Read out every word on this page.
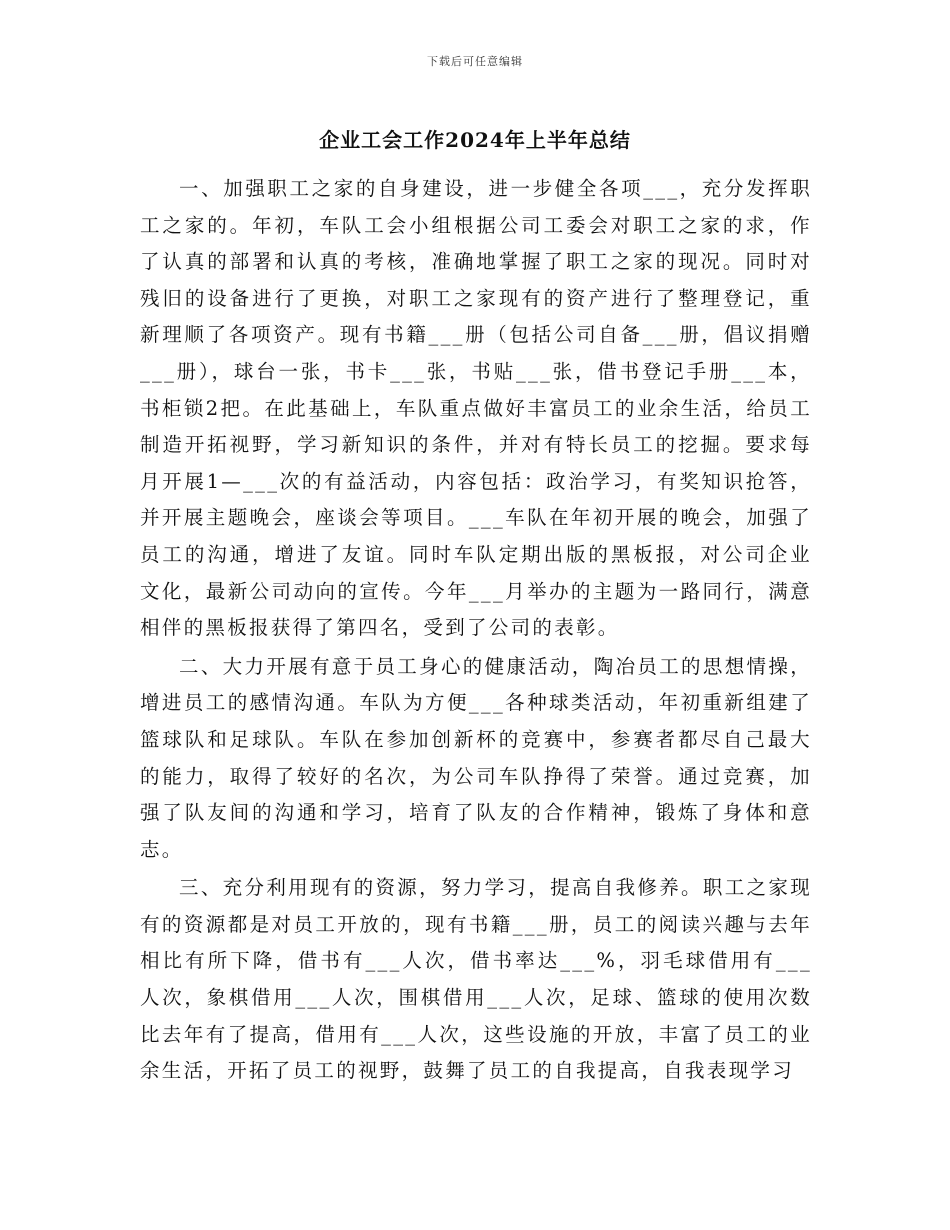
下载后可任意编辑
企业工会工作2024年上半年总结

一、加强职工之家的自身建设，进一步健全各项___，充分发挥职工之家的。年初，车队工会小组根据公司工委会对职工之家的求，作了认真的部署和认真的考核，准确地掌握了职工之家的现况。同时对残旧的设备进行了更换，对职工之家现有的资产进行了整理登记，重新理顺了各项资产。现有书籍___册（包括公司自备___册，倡议捐赠___册），球台一张，书卡___张，书贴___张，借书登记手册___本，书柜锁2把。在此基础上，车队重点做好丰富员工的业余生活，给员工制造开拓视野，学习新知识的条件，并对有特长员工的挖掘。要求每月开展1—___次的有益活动，内容包括：政治学习，有奖知识抢答，并开展主题晚会，座谈会等项目。___车队在年初开展的晚会，加强了员工的沟通，增进了友谊。同时车队定期出版的黑板报，对公司企业文化，最新公司动向的宣传。今年___月举办的主题为一路同行，满意相伴的黑板报获得了第四名，受到了公司的表彰。

二、大力开展有意于员工身心的健康活动，陶冶员工的思想情操，增进员工的感情沟通。车队为方便___各种球类活动，年初重新组建了篮球队和足球队。车队在参加创新杯的竞赛中，参赛者都尽自己最大的能力，取得了较好的名次，为公司车队挣得了荣誉。通过竞赛，加强了队友间的沟通和学习，培育了队友的合作精神，锻炼了身体和意志。

三、充分利用现有的资源，努力学习，提高自我修养。职工之家现有的资源都是对员工开放的，现有书籍___册，员工的阅读兴趣与去年相比有所下降，借书有___人次，借书率达___%，羽毛球借用有___人次，象棋借用___人次，围棋借用___人次，足球、篮球的使用次数比去年有了提高，借用有___人次，这些设施的开放，丰富了员工的业余生活，开拓了员工的视野，鼓舞了员工的自我提高，自我表现学习
